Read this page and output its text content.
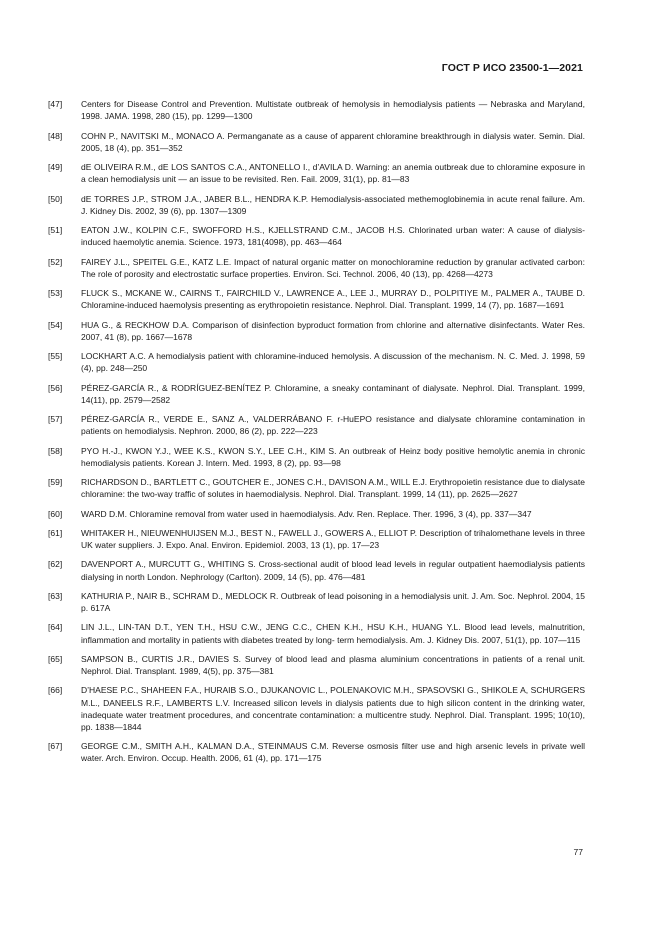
ГОСТ Р ИСО 23500-1—2021
[47]	Centers for Disease Control and Prevention. Multistate outbreak of hemolysis in hemodialysis patients — Nebraska and Maryland, 1998. JAMA. 1998, 280 (15), pp. 1299—1300
[48]	COHN P., NAVITSKI M., MONACO A. Permanganate as a cause of apparent chloramine breakthrough in dialysis water. Semin. Dial. 2005, 18 (4), pp. 351—352
[49]	dE OLIVEIRA R.M., dE LOS SANTOS C.A., ANTONELLO I., d’AVILA D. Warning: an anemia outbreak due to chloramine exposure in a clean hemodialysis unit — an issue to be revisited. Ren. Fail. 2009, 31(1), pp. 81—83
[50]	dE TORRES J.P., STROM J.A., JABER B.L., HENDRA K.P. Hemodialysis-associated methemoglobinemia in acute renal failure. Am. J. Kidney Dis. 2002, 39 (6), pp. 1307—1309
[51]	EATON J.W., KOLPIN C.F., SWOFFORD H.S., KJELLSTRAND C.M., JACOB H.S. Chlorinated urban water: A cause of dialysis-induced haemolytic anemia. Science. 1973, 181(4098), pp. 463—464
[52]	FAIREY J.L., SPEITEL G.E., KATZ L.E. Impact of natural organic matter on monochloramine reduction by granular activated carbon: The role of porosity and electrostatic surface properties. Environ. Sci. Technol. 2006, 40 (13), pp. 4268—4273
[53]	FLUCK S., MCKANE W., CAIRNS T., FAIRCHILD V., LAWRENCE A., LEE J., MURRAY D., POLPITIYE M., PALMER A., TAUBE D. Chloramine-induced haemolysis presenting as erythropoietin resistance. Nephrol. Dial. Transplant. 1999, 14 (7), pp. 1687—1691
[54]	HUA G., & RECKHOW D.A. Comparison of disinfection byproduct formation from chlorine and alternative disinfectants. Water Res. 2007, 41 (8), pp. 1667—1678
[55]	LOCKHART A.C. A hemodialysis patient with chloramine-induced hemolysis. A discussion of the mechanism. N. C. Med. J. 1998, 59 (4), pp. 248—250
[56]	PÉREZ-GARCÍA R., & RODRÍGUEZ-BENÍTEZ P. Chloramine, a sneaky contaminant of dialysate. Nephrol. Dial. Transplant. 1999, 14(11), pp. 2579—2582
[57]	PÉREZ-GARCÍA R., VERDE E., SANZ A., VALDERRÁBANO F. r-HuEPO resistance and dialysate chloramine contamination in patients on hemodialysis. Nephron. 2000, 86 (2), pp. 222—223
[58]	PYO H.-J., KWON Y.J., WEE K.S., KWON S.Y., LEE C.H., KIM S. An outbreak of Heinz body positive hemolytic anemia in chronic hemodialysis patients. Korean J. Intern. Med. 1993, 8 (2), pp. 93—98
[59]	RICHARDSON D., BARTLETT C., GOUTCHER E., JONES C.H., DAVISON A.M., WILL E.J. Erythropoietin resistance due to dialysate chloramine: the two-way traffic of solutes in haemodialysis. Nephrol. Dial. Transplant. 1999, 14 (11), pp. 2625—2627
[60]	WARD D.M. Chloramine removal from water used in haemodialysis. Adv. Ren. Replace. Ther. 1996, 3 (4), pp. 337—347
[61]	WHITAKER H., NIEUWENHUIJSEN M.J., BEST N., FAWELL J., GOWERS A., ELLIOT P. Description of trihalomethane levels in three UK water suppliers. J. Expo. Anal. Environ. Epidemiol. 2003, 13 (1), pp. 17—23
[62]	DAVENPORT A., MURCUTT G., WHITING S. Cross-sectional audit of blood lead levels in regular outpatient haemodialysis patients dialysing in north London. Nephrology (Carlton). 2009, 14 (5), pp. 476—481
[63]	KATHURIA P., NAIR B., SCHRAM D., MEDLOCK R. Outbreak of lead poisoning in a hemodialysis unit. J. Am. Soc. Nephrol. 2004, 15 p. 617A
[64]	LIN J.L., LIN-TAN D.T., YEN T.H., HSU C.W., JENG C.C., CHEN K.H., HSU K.H., HUANG Y.L. Blood lead levels, malnutrition, inflammation and mortality in patients with diabetes treated by long- term hemodialysis. Am. J. Kidney Dis. 2007, 51(1), pp. 107—115
[65]	SAMPSON B., CURTIS J.R., DAVIES S. Survey of blood lead and plasma aluminium concentrations in patients of a renal unit. Nephrol. Dial. Transplant. 1989, 4(5), pp. 375—381
[66]	D’HAESE P.C., SHAHEEN F.A., HURAIB S.O., DJUKANOVIC L., POLENAKOVIC M.H., SPASOVSKI G., SHIKOLE A, SCHURGERS M.L., DANEELS R.F., LAMBERTS L.V. Increased silicon levels in dialysis patients due to high silicon content in the drinking water, inadequate water treatment procedures, and concentrate contamination: a multicentre study. Nephrol. Dial. Transplant. 1995; 10(10), pp. 1838—1844
[67]	GEORGE C.M., SMITH A.H., KALMAN D.A., STEINMAUS C.M. Reverse osmosis filter use and high arsenic levels in private well water. Arch. Environ. Occup. Health. 2006, 61 (4), pp. 171—175
77
